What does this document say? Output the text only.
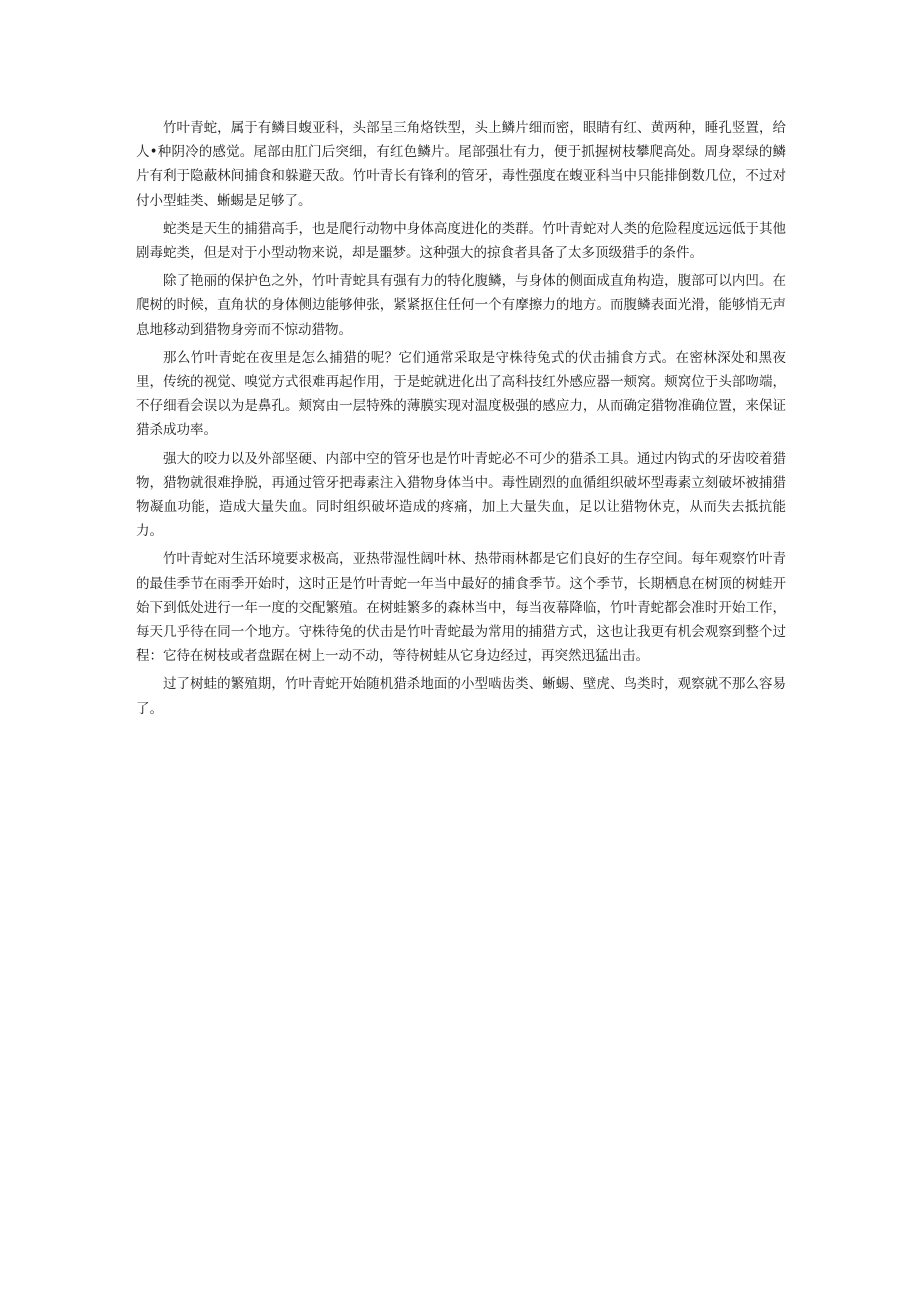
竹叶青蛇，属于有鳞目蝮亚科，头部呈三角烙铁型，头上鳞片细而密，眼睛有红、黄两种，睡孔竖置，给人•种阴冷的感觉。尾部由肛门后突细，有红色鳞片。尾部强壮有力，便于抓握树枝攀爬高处。周身翠绿的鳞片有利于隐蔽林间捕食和躲避天敌。竹叶青长有锋利的管牙，毒性强度在蝮亚科当中只能排倒数几位，不过对付小型蛙类、蜥蜴是足够了。

蛇类是天生的捕猎高手，也是爬行动物中身体高度进化的类群。竹叶青蛇对人类的危险程度远远低于其他剧毒蛇类，但是对于小型动物来说，却是噩梦。这种强大的掠食者具备了太多顶级猎手的条件。

除了艳丽的保护色之外，竹叶青蛇具有强有力的特化腹鳞，与身体的侧面成直角构造，腹部可以内凹。在爬树的时候，直角状的身体侧边能够伸张，紧紧抠住任何一个有摩擦力的地方。而腹鳞表面光滑，能够悄无声息地移动到猎物身旁而不惊动猎物。

那么竹叶青蛇在夜里是怎么捕猎的呢？它们通常采取是守株待兔式的伏击捕食方式。在密林深处和黑夜里，传统的视觉、嗅觉方式很难再起作用，于是蛇就进化出了高科技红外感应器一颊窝。颊窝位于头部吻端，不仔细看会误以为是鼻孔。颊窝由一层特殊的薄膜实现对温度极强的感应力，从而确定猎物准确位置，来保证猎杀成功率。

强大的咬力以及外部坚硬、内部中空的管牙也是竹叶青蛇必不可少的猎杀工具。通过内钩式的牙齿咬着猎物，猎物就很难挣脱，再通过管牙把毒素注入猎物身体当中。毒性剧烈的血循组织破坏型毒素立刻破坏被捕猎物凝血功能，造成大量失血。同时组织破坏造成的疼痛，加上大量失血，足以让猎物休克，从而失去抵抗能力。

竹叶青蛇对生活环境要求极高，亚热带湿性阔叶林、热带雨林都是它们良好的生存空间。每年观察竹叶青的最佳季节在雨季开始时，这时正是竹叶青蛇一年当中最好的捕食季节。这个季节，长期栖息在树顶的树蛙开始下到低处进行一年一度的交配繁殖。在树蛙繁多的森林当中，每当夜幕降临，竹叶青蛇都会准时开始工作，每天几乎待在同一个地方。守株待兔的伏击是竹叶青蛇最为常用的捕猎方式，这也让我更有机会观察到整个过程：它待在树枝或者盘踞在树上一动不动，等待树蛙从它身边经过，再突然迅猛出击。

过了树蛙的繁殖期，竹叶青蛇开始随机猎杀地面的小型啮齿类、蜥蜴、壁虎、鸟类时，观察就不那么容易了。
